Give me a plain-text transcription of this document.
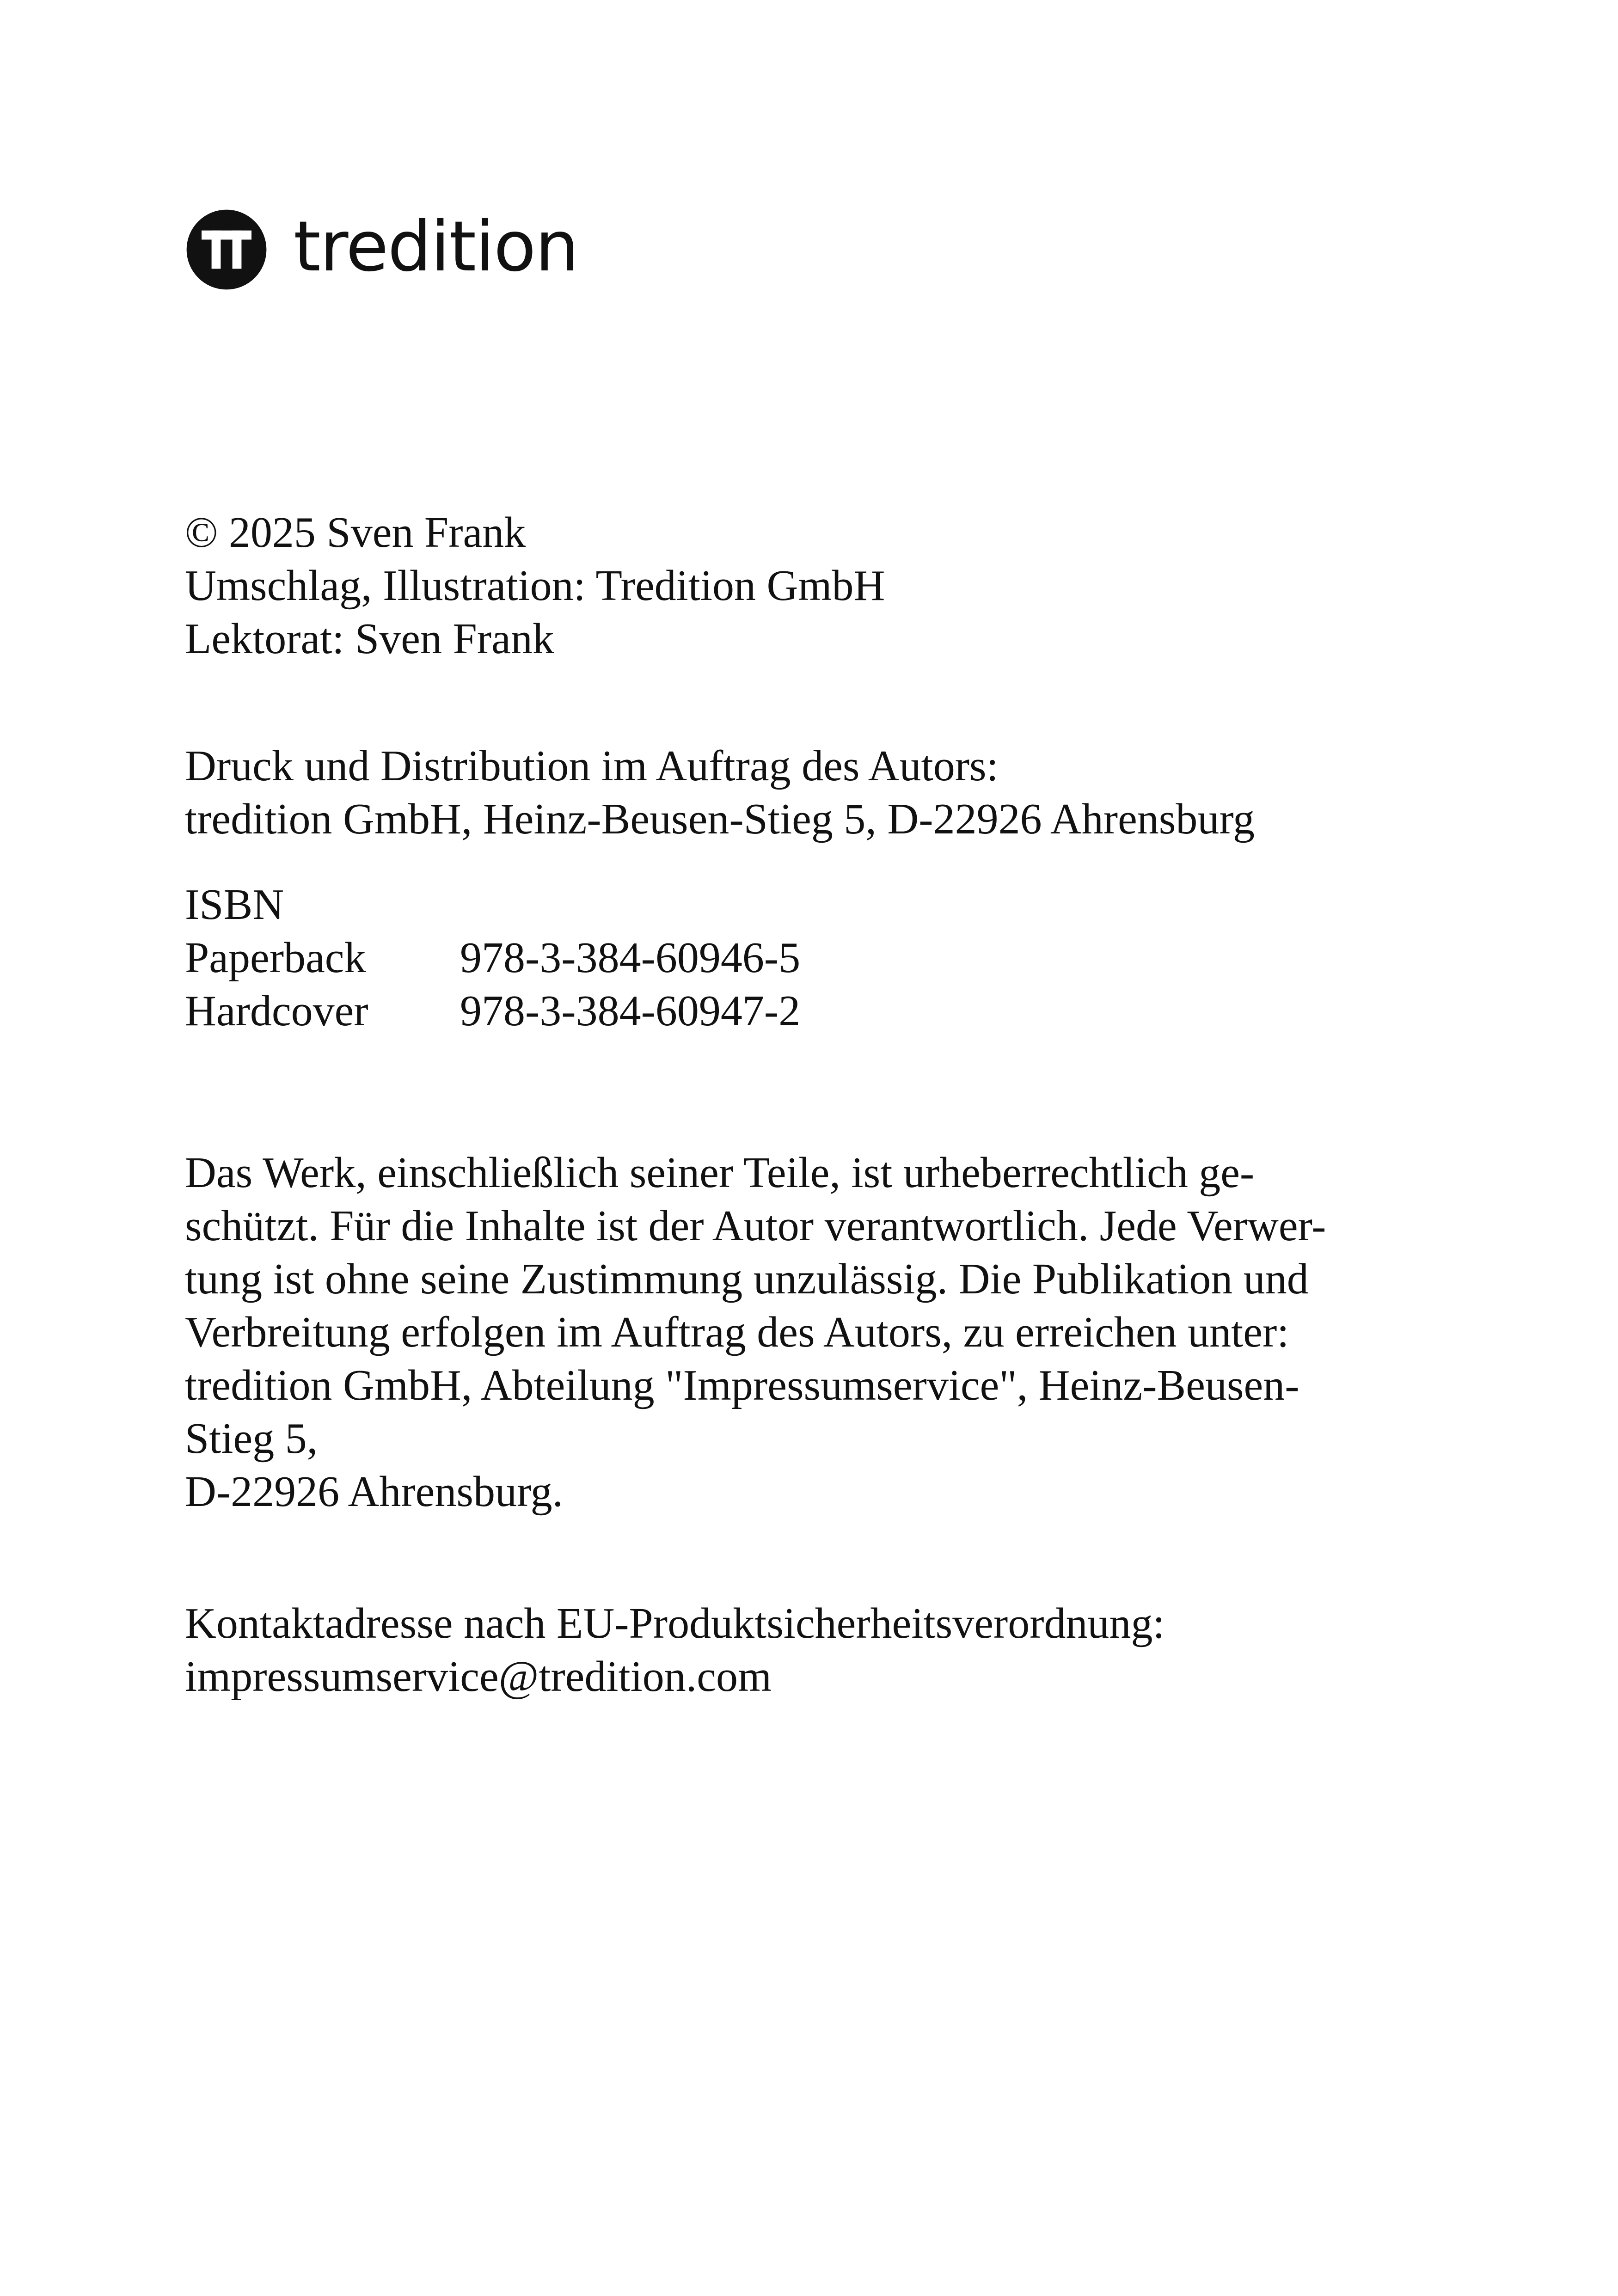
tredition
© 2025 Sven Frank
Umschlag, Illustration: Tredition GmbH
Lektorat: Sven Frank
Druck und Distribution im Auftrag des Autors:
tredition GmbH, Heinz-Beusen-Stieg 5, D-22926 Ahrensburg
ISBN
Paperback	978-3-384-60946-5
Hardcover	978-3-384-60947-2
Das Werk, einschließlich seiner Teile, ist urheberrechtlich ge-
schützt. Für die Inhalte ist der Autor verantwortlich. Jede Verwer-
tung ist ohne seine Zustimmung unzulässig. Die Publikation und
Verbreitung erfolgen im Auftrag des Autors, zu erreichen unter:
tredition GmbH, Abteilung "Impressumservice", Heinz-Beusen-
Stieg 5,
D-22926 Ahrensburg.
Kontaktadresse nach EU-Produktsicherheitsverordnung:
impressumservice@tredition.com
